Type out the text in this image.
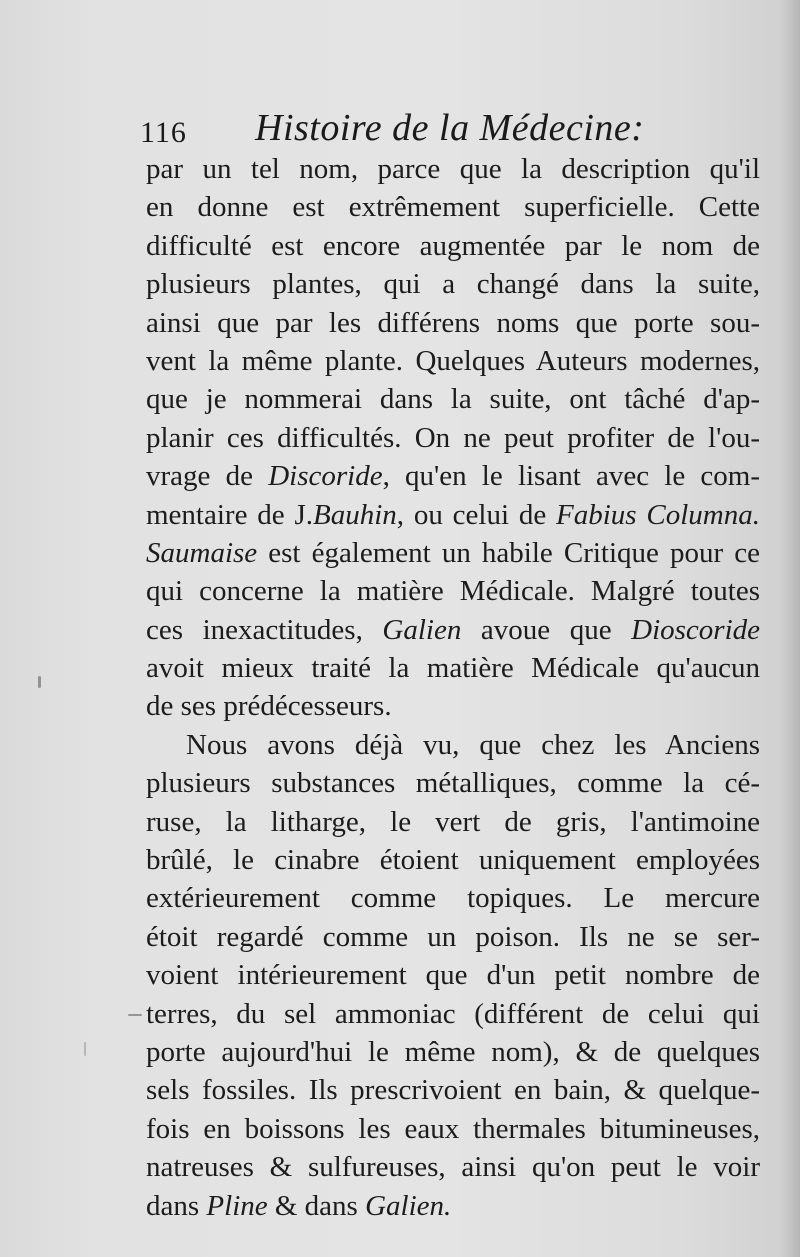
116 Histoire de la Médecine:
par un tel nom, parce que la description qu'il
en donne est extrêmement superficielle. Cette
difficulté est encore augmentée par le nom de
plusieurs plantes, qui a changé dans la suite,
ainsi que par les différens noms que porte sou-
vent la même plante. Quelques Auteurs modernes,
que je nommerai dans la suite, ont tâché d'ap-
planir ces difficultés. On ne peut profiter de l'ou-
vrage de Discoride, qu'en le lisant avec le com-
mentaire de J.Bauhin, ou celui de Fabius Columna.
Saumaise est également un habile Critique pour ce
qui concerne la matière Médicale. Malgré toutes
ces inexactitudes, Galien avoue que Dioscoride
avoit mieux traité la matière Médicale qu'aucun
de ses prédécesseurs.
Nous avons déjà vu, que chez les Anciens
plusieurs substances métalliques, comme la cé-
ruse, la litharge, le vert de gris, l'antimoine
brûlé, le cinabre étoient uniquement employées
extérieurement comme topiques. Le mercure
étoit regardé comme un poison. Ils ne se ser-
voient intérieurement que d'un petit nombre de
terres, du sel ammoniac (différent de celui qui
porte aujourd'hui le même nom), & de quelques
sels fossiles. Ils prescrivoient en bain, & quelque-
fois en boissons les eaux thermales bitumineuses,
natreuses & sulfureuses, ainsi qu'on peut le voir
dans Pline & dans Galien.
